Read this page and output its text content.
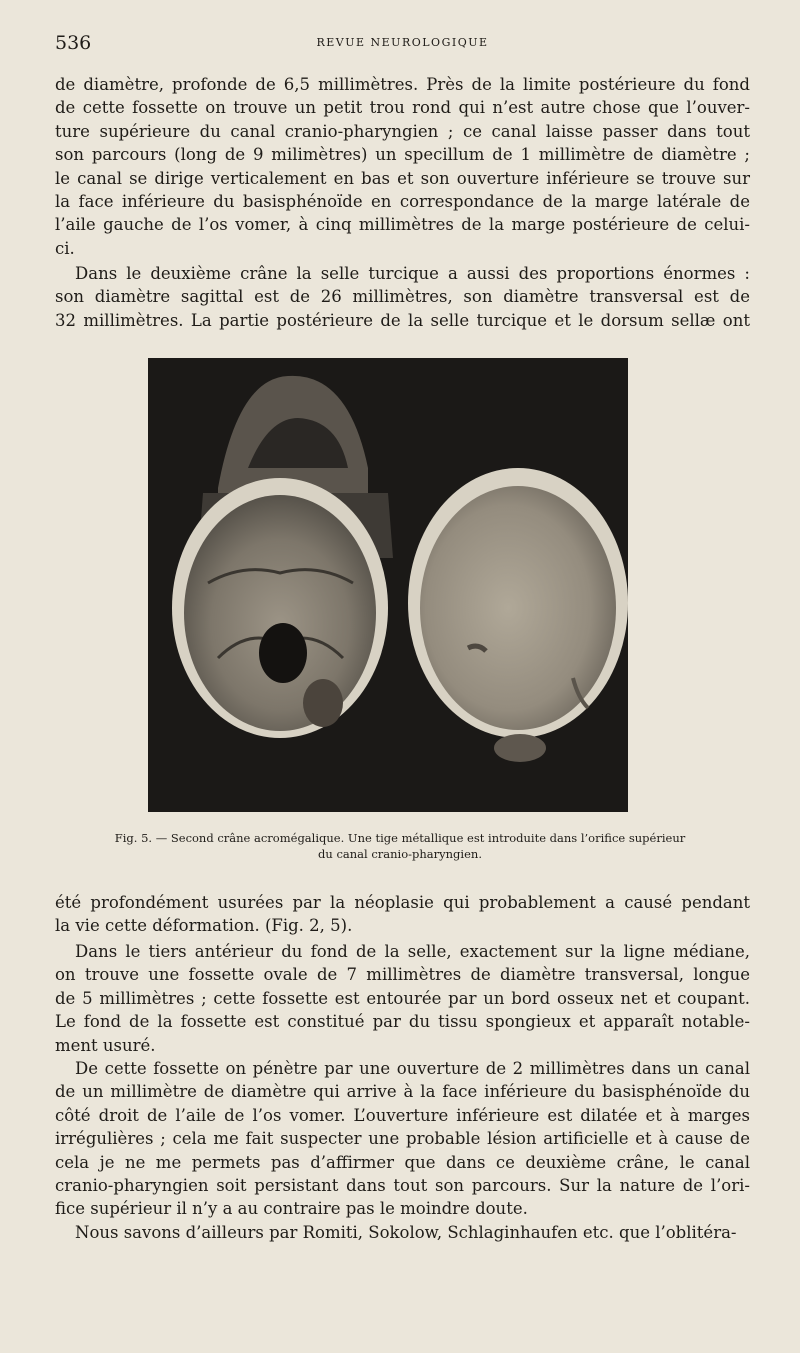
536	REVUE NEUROLOGIQUE

de diamètre, profonde de 6,5 millimètres. Près de la limite postérieure du fond
de cette fossette on trouve un petit trou rond qui n’est autre chose que l’ouver-
ture supérieure du canal cranio-pharyngien ; ce canal laisse passer dans tout
son parcours (long de 9 milimètres) un specillum de 1 millimètre de diamètre ;
le canal se dirige verticalement en bas et son ouverture inférieure se trouve sur
la face inférieure du basisphénoïde en correspondance de la marge latérale de
l’aile gauche de l’os vomer, à cinq millimètres de la marge postérieure de celui-
ci.

Dans le deuxième crâne la selle turcique a aussi des proportions énormes :
son diamètre sagittal est de 26 millimètres, son diamètre transversal est de
32 millimètres. La partie postérieure de la selle turcique et le dorsum sellæ ont

Fig. 5. — Second crâne acromégalique. Une tige métallique est introduite dans l’orifice supérieur
du canal cranio-pharyngien.

été profondément usurées par la néoplasie qui probablement a causé pendant
la vie cette déformation. (Fig. 2, 5).

Dans le tiers antérieur du fond de la selle, exactement sur la ligne médiane,
on trouve une fossette ovale de 7 millimètres de diamètre transversal, longue
de 5 millimètres ; cette fossette est entourée par un bord osseux net et coupant.
Le fond de la fossette est constitué par du tissu spongieux et apparaît notable-
ment usuré.

De cette fossette on pénètre par une ouverture de 2 millimètres dans un canal
de un millimètre de diamètre qui arrive à la face inférieure du basisphénoïde du
côté droit de l’aile de l’os vomer. L’ouverture inférieure est dilatée et à marges
irrégulières ; cela me fait suspecter une probable lésion artificielle et à cause de
cela je ne me permets pas d’affirmer que dans ce deuxième crâne, le canal
cranio-pharyngien soit persistant dans tout son parcours. Sur la nature de l’ori-
fice supérieur il n’y a au contraire pas le moindre doute.

Nous savons d’ailleurs par Romiti, Sokolow, Schlaginhaufen etc. que l’oblitéra-
